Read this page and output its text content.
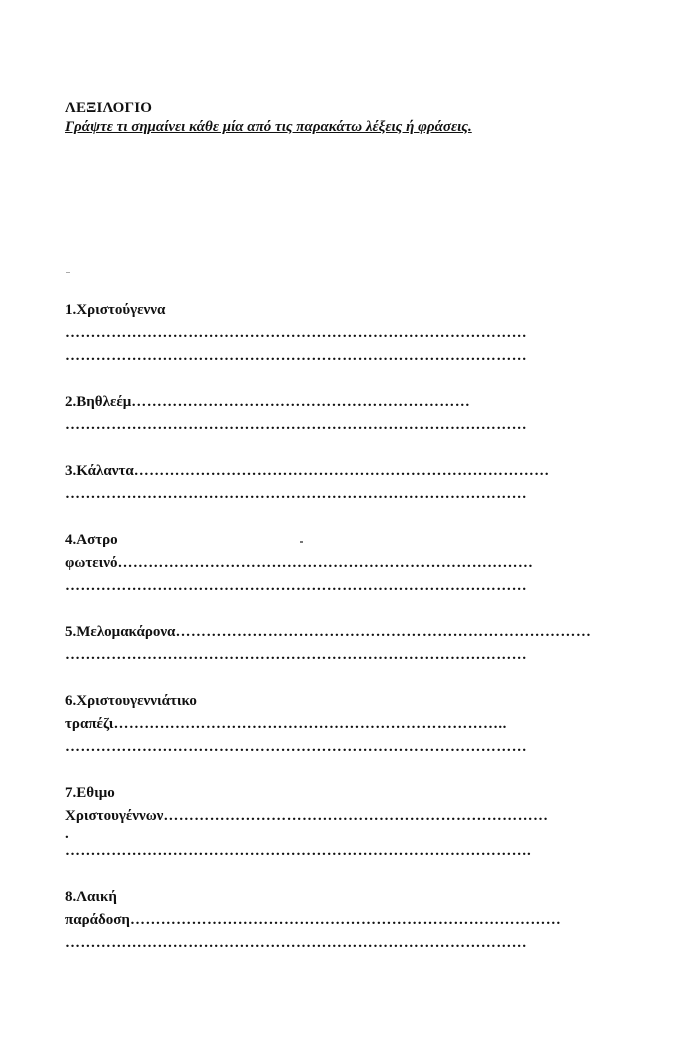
ΛΕΞΙΛΟΓΙΟ
Γράψτε τι σημαίνει κάθε μία από τις παρακάτω λέξεις ή φράσεις.
1.Χριστούγεννα
………………………………………………………………………………
………………………………………………………………………………
2.Βηθλεέμ…………………………………………………………
………………………………………………………………………………
3.Κάλαντα………………………………………………………………………
………………………………………………………………………………
4.Αστρο
φωτεινό………………………………………………………………………
………………………………………………………………………………
5.Μελομακάρονα………………………………………………………………………
………………………………………………………………………………
6.Χριστουγεννιάτικο
τραπέζι…………………………………………………………………..
………………………………………………………………………………
7.Εθιμο
Χριστουγέννων…………………………………………………………………
.
……………………………………………………………………………….
8.Λαική
παράδοση…………………………………………………………………………
………………………………………………………………………………
